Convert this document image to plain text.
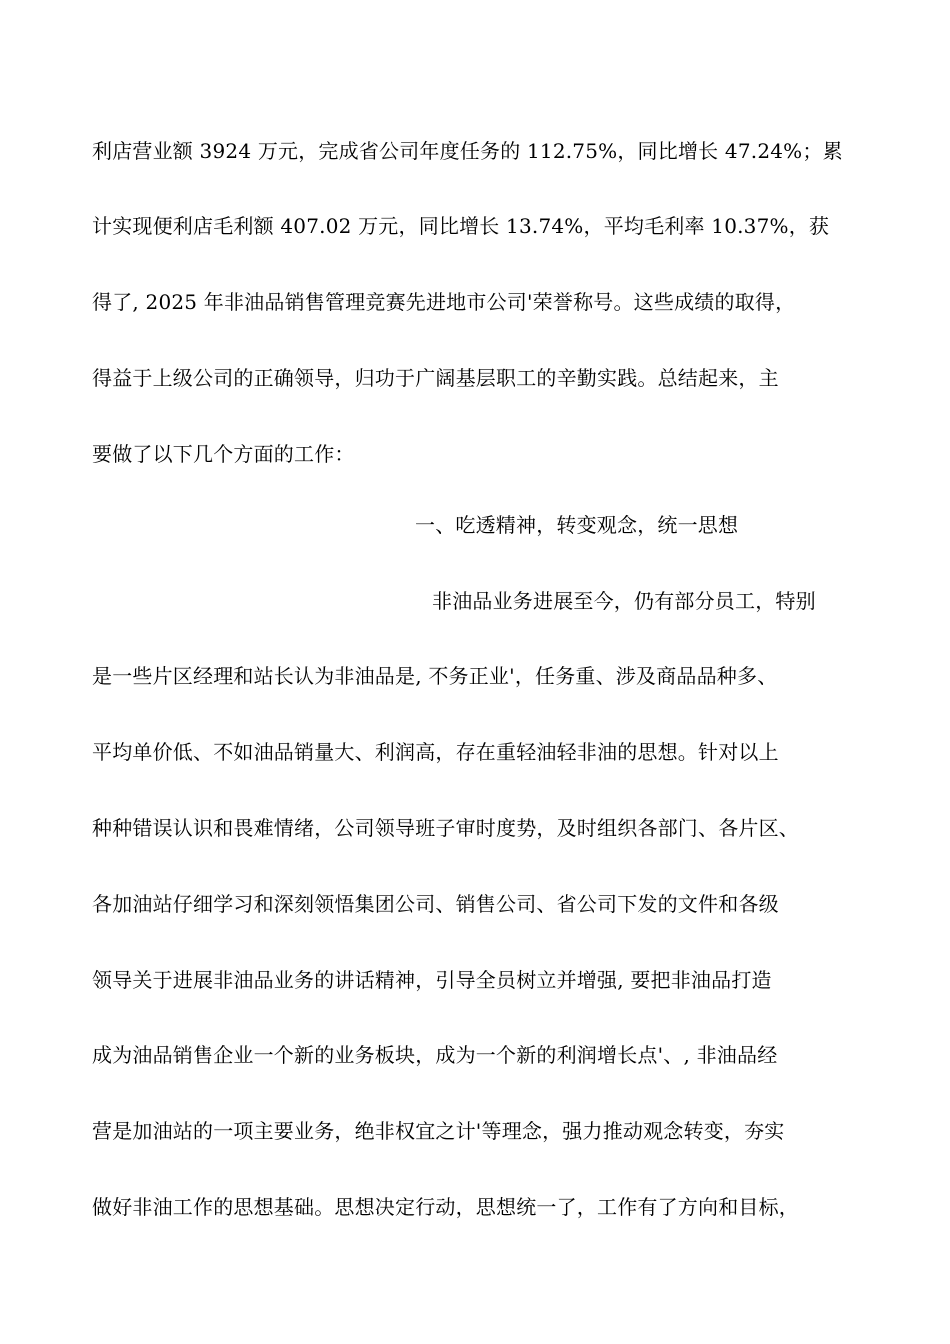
利店营业额 3924 万元，完成省公司年度任务的 112.75%，同比增长 47.24%；累
计实现便利店毛利额 407.02 万元，同比增长 13.74%，平均毛利率 10.37%，获
得了, 2025 年非油品销售管理竞赛先进地市公司'荣誉称号。这些成绩的取得，
得益于上级公司的正确领导，归功于广阔基层职工的辛勤实践。总结起来，主
要做了以下几个方面的工作：
一、吃透精神，转变观念，统一思想
非油品业务进展至今，仍有部分员工，特别
是一些片区经理和站长认为非油品是, 不务正业'，任务重、涉及商品品种多、
平均单价低、不如油品销量大、利润高，存在重轻油轻非油的思想。针对以上
种种错误认识和畏难情绪，公司领导班子审时度势，及时组织各部门、各片区、
各加油站仔细学习和深刻领悟集团公司、销售公司、省公司下发的文件和各级
领导关于进展非油品业务的讲话精神，引导全员树立并增强, 要把非油品打造
成为油品销售企业一个新的业务板块，成为一个新的利润增长点'、, 非油品经
营是加油站的一项主要业务，绝非权宜之计'等理念，强力推动观念转变，夯实
做好非油工作的思想基础。思想决定行动，思想统一了，工作有了方向和目标，
